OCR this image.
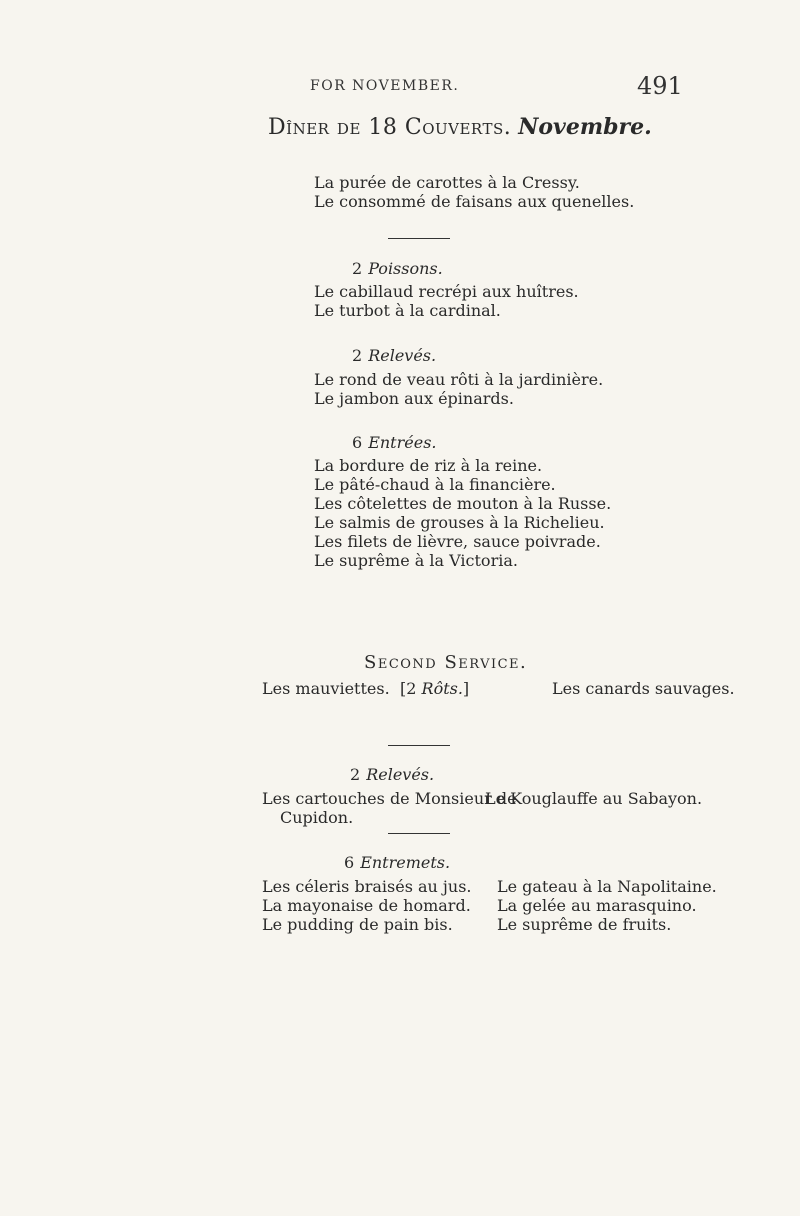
FOR NOVEMBER.	491
Dîner de 18 Couverts. Novembre.
La purée de carottes à la Cressy.
Le consommé de faisans aux quenelles.
2 Poissons.
Le cabillaud recrépi aux huîtres.
Le turbot à la cardinal.
2 Relevés.
Le rond de veau rôti à la jardinière.
Le jambon aux épinards.
6 Entrées.
La bordure de riz à la reine.
Le pâté-chaud à la financière.
Les côtelettes de mouton à la Russe.
Le salmis de grouses à la Richelieu.
Les filets de lièvre, sauce poivrade.
Le suprême à la Victoria.
Second Service.
Les mauviettes. [2 Rôts.]	Les canards sauvages.
2 Relevés.
Les cartouches de Monsieur de
Cupidon.
Le Kouglauffe au Sabayon.
6 Entremets.
Les céleris braisés au jus.
La mayonaise de homard.
Le pudding de pain bis.
Le gateau à la Napolitaine.
La gelée au marasquino.
Le suprême de fruits.
